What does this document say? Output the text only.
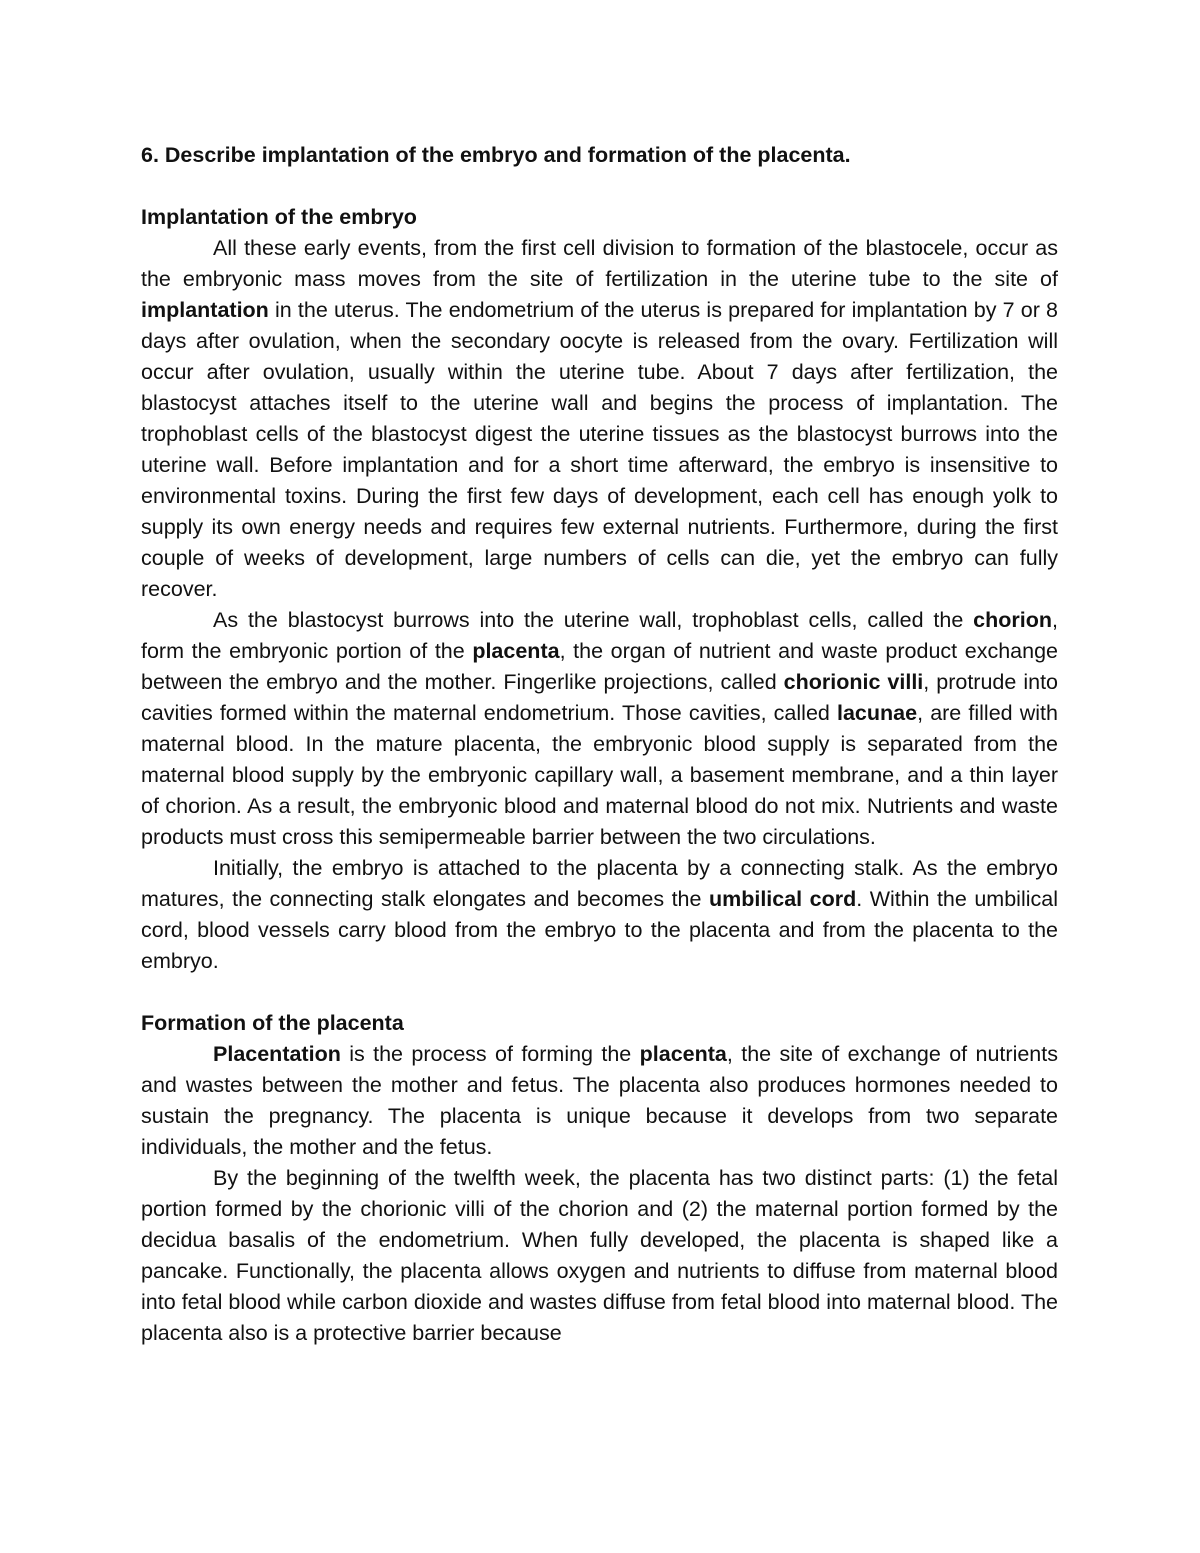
6. Describe implantation of the embryo and formation of the placenta.

Implantation of the embryo

All these early events, from the first cell division to formation of the blastocele, occur as the embryonic mass moves from the site of fertilization in the uterine tube to the site of implantation in the uterus. The endometrium of the uterus is prepared for implantation by 7 or 8 days after ovulation, when the secondary oocyte is released from the ovary. Fertilization will occur after ovulation, usually within the uterine tube. About 7 days after fertilization, the blastocyst attaches itself to the uterine wall and begins the process of implantation. The trophoblast cells of the blastocyst digest the uterine tissues as the blastocyst burrows into the uterine wall. Before implantation and for a short time afterward, the embryo is insensitive to environmental toxins. During the first few days of development, each cell has enough yolk to supply its own energy needs and requires few external nutrients. Furthermore, during the first couple of weeks of development, large numbers of cells can die, yet the embryo can fully recover.

As the blastocyst burrows into the uterine wall, trophoblast cells, called the chorion, form the embryonic portion of the placenta, the organ of nutrient and waste product exchange between the embryo and the mother. Fingerlike projections, called chorionic villi, protrude into cavities formed within the maternal endometrium. Those cavities, called lacunae, are filled with maternal blood. In the mature placenta, the embryonic blood supply is separated from the maternal blood supply by the embryonic capillary wall, a basement membrane, and a thin layer of chorion. As a result, the embryonic blood and maternal blood do not mix. Nutrients and waste products must cross this semipermeable barrier between the two circulations.

Initially, the embryo is attached to the placenta by a connecting stalk. As the embryo matures, the connecting stalk elongates and becomes the umbilical cord. Within the umbilical cord, blood vessels carry blood from the embryo to the placenta and from the placenta to the embryo.

Formation of the placenta

Placentation is the process of forming the placenta, the site of exchange of nutrients and wastes between the mother and fetus. The placenta also produces hormones needed to sustain the pregnancy. The placenta is unique because it develops from two separate individuals, the mother and the fetus.

By the beginning of the twelfth week, the placenta has two distinct parts: (1) the fetal portion formed by the chorionic villi of the chorion and (2) the maternal portion formed by the decidua basalis of the endometrium. When fully developed, the placenta is shaped like a pancake. Functionally, the placenta allows oxygen and nutrients to diffuse from maternal blood into fetal blood while carbon dioxide and wastes diffuse from fetal blood into maternal blood. The placenta also is a protective barrier because
